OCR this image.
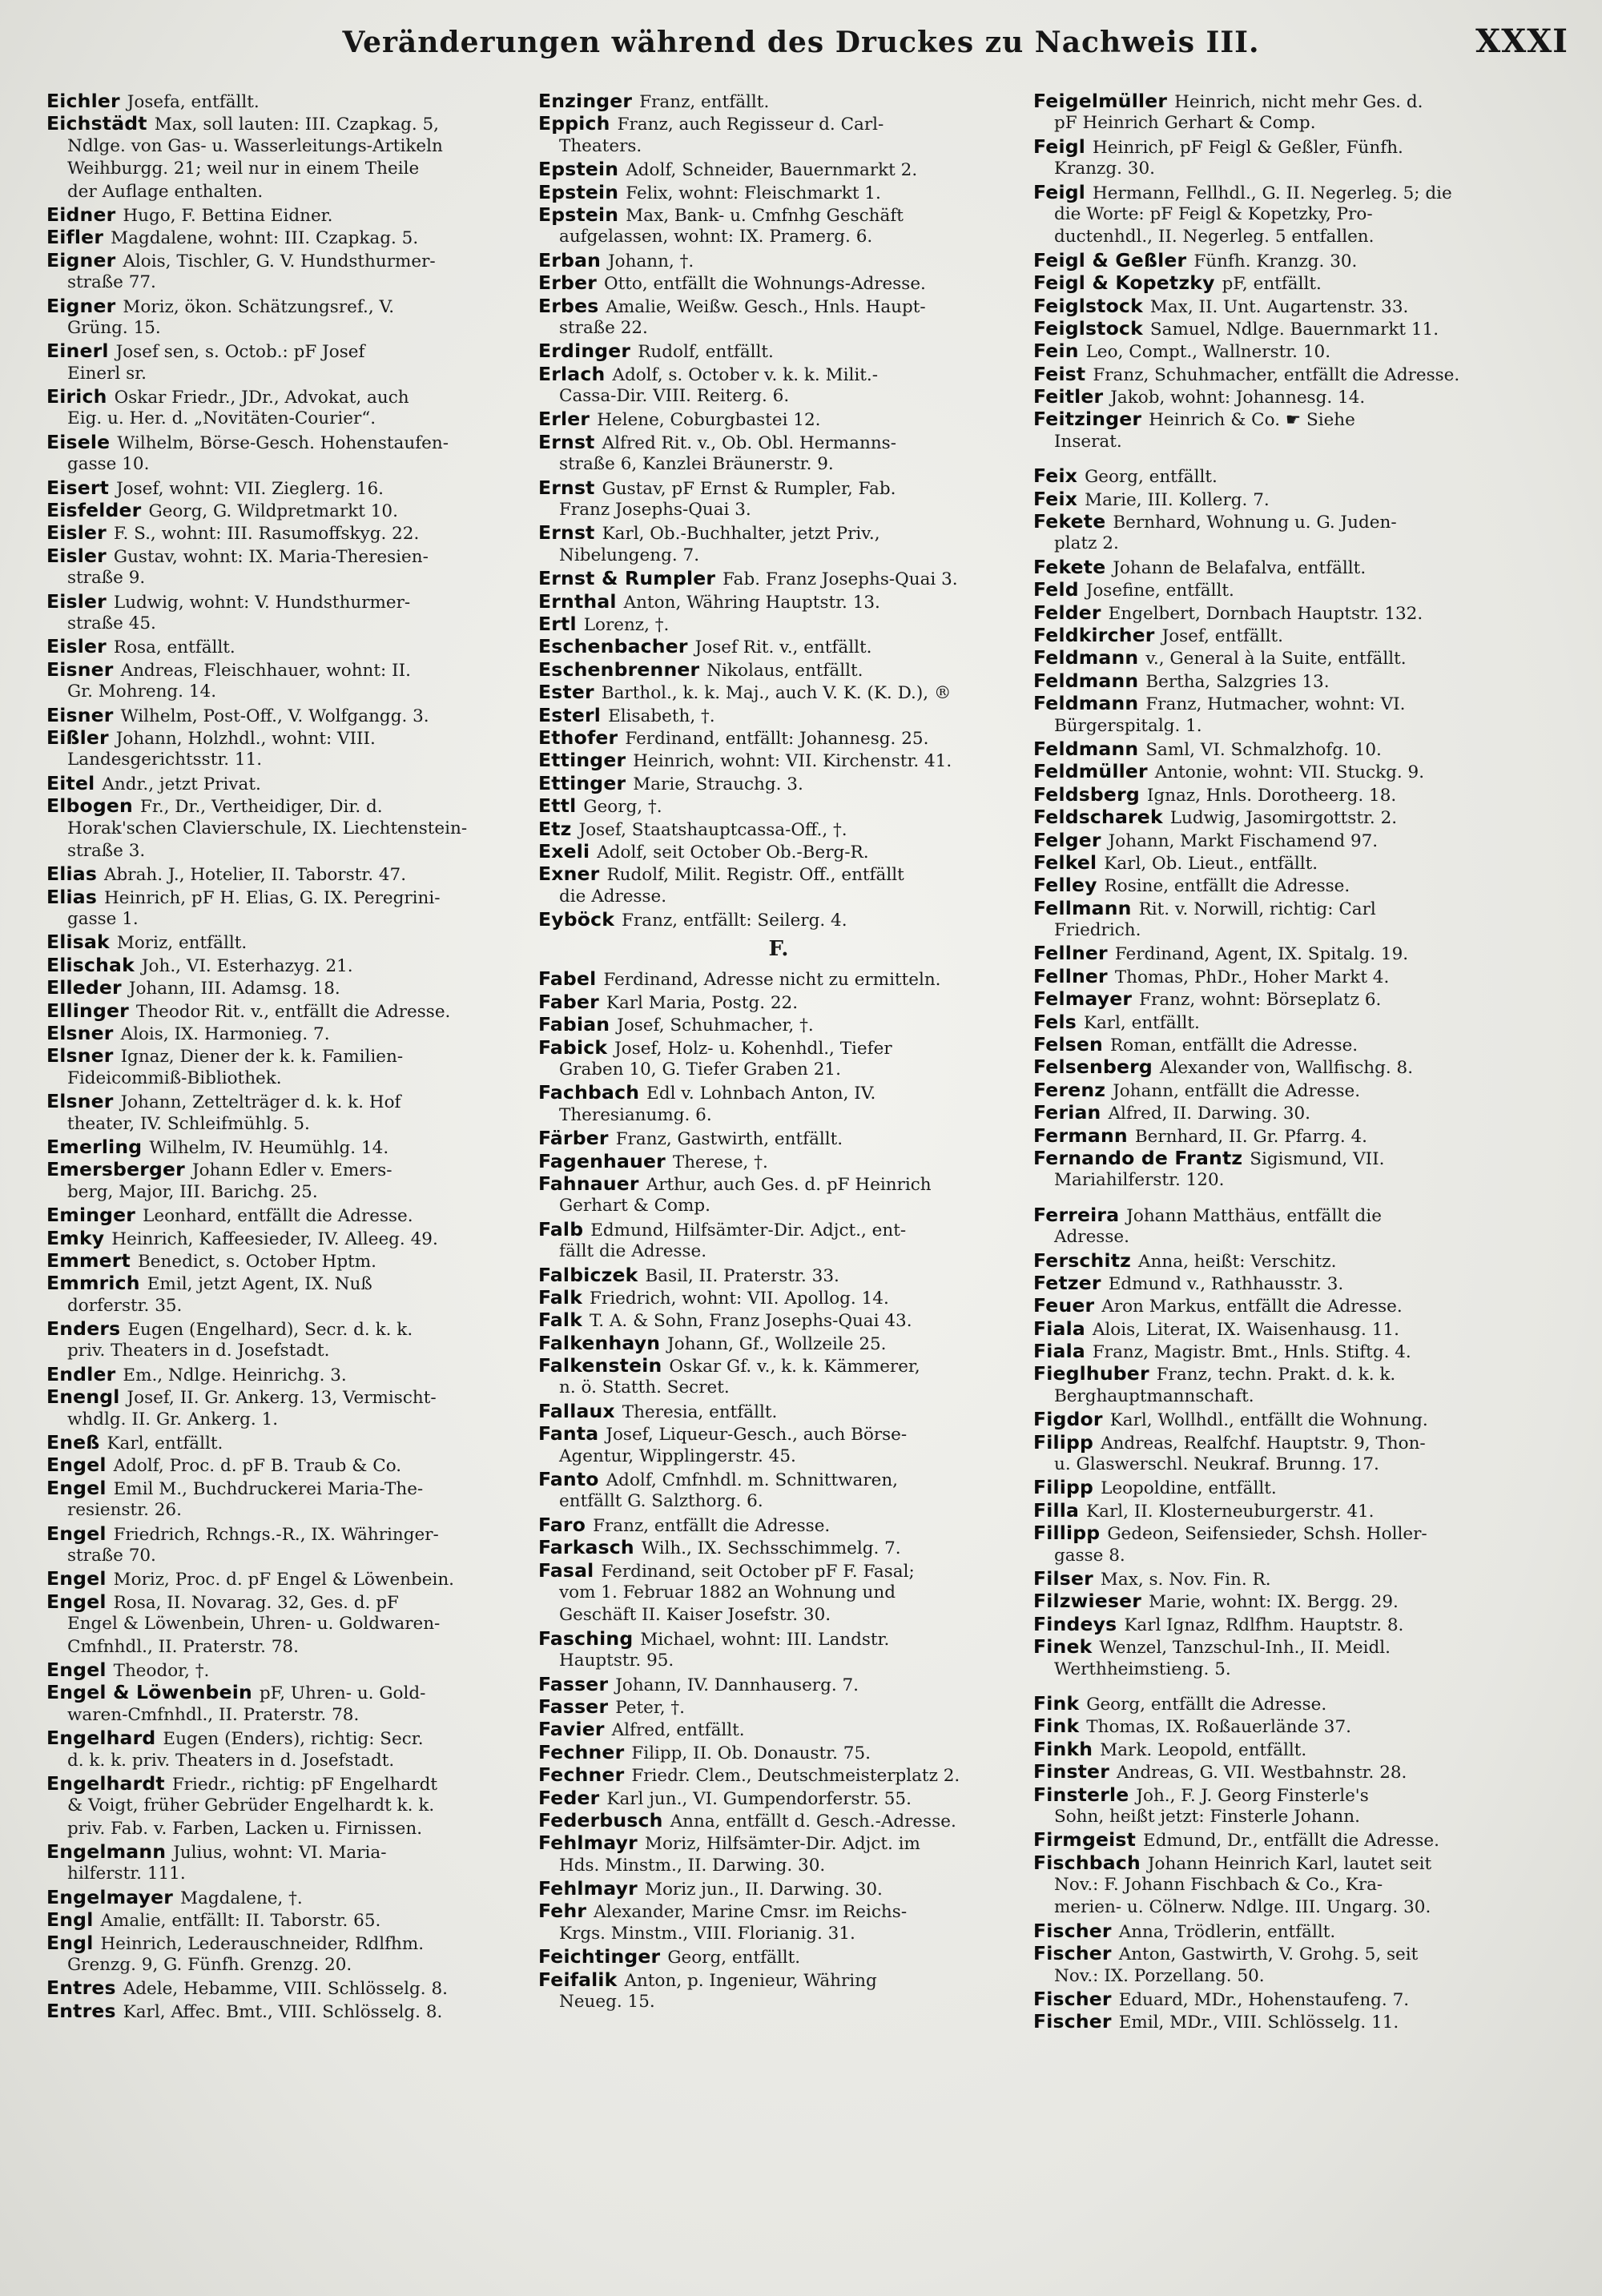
Veränderungen während des Druckes zu Nachweis III.	XXXI
Eichler Josefa, entfällt.
Eichstädt Max, soll lauten: III. Czapkag. 5,
Ndlge. von Gas- u. Wasserleitungs-Artikeln
Weihburgg. 21; weil nur in einem Theile
der Auflage enthalten.
Eidner Hugo, F. Bettina Eidner.
Eifler Magdalene, wohnt: III. Czapkag. 5.
Eigner Alois, Tischler, G. V. Hundsthurmer-
straße 77.
Eigner Moriz, ökon. Schätzungsref., V.
Grüng. 15.
Einerl Josef sen, s. Octob.: pF Josef
Einerl sr.
Eirich Oskar Friedr., JDr., Advokat, auch
Eig. u. Her. d. „Novitäten-Courier“.
Eisele Wilhelm, Börse-Gesch. Hohenstaufen-
gasse 10.
Eisert Josef, wohnt: VII. Zieglerg. 16.
Eisfelder Georg, G. Wildpretmarkt 10.
Eisler F. S., wohnt: III. Rasumoffskyg. 22.
Eisler Gustav, wohnt: IX. Maria-Theresien-
straße 9.
Eisler Ludwig, wohnt: V. Hundsthurmer-
straße 45.
Eisler Rosa, entfällt.
Eisner Andreas, Fleischhauer, wohnt: II.
Gr. Mohreng. 14.
Eisner Wilhelm, Post-Off., V. Wolfgangg. 3.
Eißler Johann, Holzhdl., wohnt: VIII.
Landesgerichtsstr. 11.
Eitel Andr., jetzt Privat.
Elbogen Fr., Dr., Vertheidiger, Dir. d.
Horak'schen Clavierschule, IX. Liechtenstein-
straße 3.
Elias Abrah. J., Hotelier, II. Taborstr. 47.
Elias Heinrich, pF H. Elias, G. IX. Peregrini-
gasse 1.
Elisak Moriz, entfällt.
Elischak Joh., VI. Esterhazyg. 21.
Elleder Johann, III. Adamsg. 18.
Ellinger Theodor Rit. v., entfällt die Adresse.
Elsner Alois, IX. Harmonieg. 7.
Elsner Ignaz, Diener der k. k. Familien-
Fideicommiß-Bibliothek.
Elsner Johann, Zettelträger d. k. k. Hof
theater, IV. Schleifmühlg. 5.
Emerling Wilhelm, IV. Heumühlg. 14.
Emersberger Johann Edler v. Emers-
berg, Major, III. Barichg. 25.
Eminger Leonhard, entfällt die Adresse.
Emky Heinrich, Kaffeesieder, IV. Alleeg. 49.
Emmert Benedict, s. October Hptm.
Emmrich Emil, jetzt Agent, IX. Nuß
dorferstr. 35.
Enders Eugen (Engelhard), Secr. d. k. k.
priv. Theaters in d. Josefstadt.
Endler Em., Ndlge. Heinrichg. 3.
Enengl Josef, II. Gr. Ankerg. 13, Vermischt-
whdlg. II. Gr. Ankerg. 1.
Eneß Karl, entfällt.
Engel Adolf, Proc. d. pF B. Traub & Co.
Engel Emil M., Buchdruckerei Maria-The-
resienstr. 26.
Engel Friedrich, Rchngs.-R., IX. Währinger-
straße 70.
Engel Moriz, Proc. d. pF Engel & Löwenbein.
Engel Rosa, II. Novarag. 32, Ges. d. pF
Engel & Löwenbein, Uhren- u. Goldwaren-
Cmfnhdl., II. Praterstr. 78.
Engel Theodor, †.
Engel & Löwenbein pF, Uhren- u. Gold-
waren-Cmfnhdl., II. Praterstr. 78.
Engelhard Eugen (Enders), richtig: Secr.
d. k. k. priv. Theaters in d. Josefstadt.
Engelhardt Friedr., richtig: pF Engelhardt
& Voigt, früher Gebrüder Engelhardt k. k.
priv. Fab. v. Farben, Lacken u. Firnissen.
Engelmann Julius, wohnt: VI. Maria-
hilferstr. 111.
Engelmayer Magdalene, †.
Engl Amalie, entfällt: II. Taborstr. 65.
Engl Heinrich, Lederauschneider, Rdlfhm.
Grenzg. 9, G. Fünfh. Grenzg. 20.
Entres Adele, Hebamme, VIII. Schlösselg. 8.
Entres Karl, Affec. Bmt., VIII. Schlösselg. 8.
Enzinger Franz, entfällt.
Eppich Franz, auch Regisseur d. Carl-
Theaters.
Epstein Adolf, Schneider, Bauernmarkt 2.
Epstein Felix, wohnt: Fleischmarkt 1.
Epstein Max, Bank- u. Cmfnhg Geschäft
aufgelassen, wohnt: IX. Pramerg. 6.
Erban Johann, †.
Erber Otto, entfällt die Wohnungs-Adresse.
Erbes Amalie, Weißw. Gesch., Hnls. Haupt-
straße 22.
Erdinger Rudolf, entfällt.
Erlach Adolf, s. October v. k. k. Milit.-
Cassa-Dir. VIII. Reiterg. 6.
Erler Helene, Coburgbastei 12.
Ernst Alfred Rit. v., Ob. Obl. Hermanns-
straße 6, Kanzlei Bräunerstr. 9.
Ernst Gustav, pF Ernst & Rumpler, Fab.
Franz Josephs-Quai 3.
Ernst Karl, Ob.-Buchhalter, jetzt Priv.,
Nibelungeng. 7.
Ernst & Rumpler Fab. Franz Josephs-Quai 3.
Ernthal Anton, Währing Hauptstr. 13.
Ertl Lorenz, †.
Eschenbacher Josef Rit. v., entfällt.
Eschenbrenner Nikolaus, entfällt.
Ester Barthol., k. k. Maj., auch V. K. (K. D.), ®
Esterl Elisabeth, †.
Ethofer Ferdinand, entfällt: Johannesg. 25.
Ettinger Heinrich, wohnt: VII. Kirchenstr. 41.
Ettinger Marie, Strauchg. 3.
Ettl Georg, †.
Etz Josef, Staatshauptcassa-Off., †.
Exeli Adolf, seit October Ob.-Berg-R.
Exner Rudolf, Milit. Registr. Off., entfällt
die Adresse.
Eyböck Franz, entfällt: Seilerg. 4.
F.
Fabel Ferdinand, Adresse nicht zu ermitteln.
Faber Karl Maria, Postg. 22.
Fabian Josef, Schuhmacher, †.
Fabick Josef, Holz- u. Kohenhdl., Tiefer
Graben 10, G. Tiefer Graben 21.
Fachbach Edl v. Lohnbach Anton, IV.
Theresianumg. 6.
Färber Franz, Gastwirth, entfällt.
Fagenhauer Therese, †.
Fahnauer Arthur, auch Ges. d. pF Heinrich
Gerhart & Comp.
Falb Edmund, Hilfsämter-Dir. Adjct., ent-
fällt die Adresse.
Falbiczek Basil, II. Praterstr. 33.
Falk Friedrich, wohnt: VII. Apollog. 14.
Falk T. A. & Sohn, Franz Josephs-Quai 43.
Falkenhayn Johann, Gf., Wollzeile 25.
Falkenstein Oskar Gf. v., k. k. Kämmerer,
n. ö. Statth. Secret.
Fallaux Theresia, entfällt.
Fanta Josef, Liqueur-Gesch., auch Börse-
Agentur, Wipplingerstr. 45.
Fanto Adolf, Cmfnhdl. m. Schnittwaren,
entfällt G. Salzthorg. 6.
Faro Franz, entfällt die Adresse.
Farkasch Wilh., IX. Sechsschimmelg. 7.
Fasal Ferdinand, seit October pF F. Fasal;
vom 1. Februar 1882 an Wohnung und
Geschäft II. Kaiser Josefstr. 30.
Fasching Michael, wohnt: III. Landstr.
Hauptstr. 95.
Fasser Johann, IV. Dannhauserg. 7.
Fasser Peter, †.
Favier Alfred, entfällt.
Fechner Filipp, II. Ob. Donaustr. 75.
Fechner Friedr. Clem., Deutschmeisterplatz 2.
Feder Karl jun., VI. Gumpendorferstr. 55.
Federbusch Anna, entfällt d. Gesch.-Adresse.
Fehlmayr Moriz, Hilfsämter-Dir. Adjct. im
Hds. Minstm., II. Darwing. 30.
Fehlmayr Moriz jun., II. Darwing. 30.
Fehr Alexander, Marine Cmsr. im Reichs-
Krgs. Minstm., VIII. Florianig. 31.
Feichtinger Georg, entfällt.
Feifalik Anton, p. Ingenieur, Währing
Neueg. 15.
Feigelmüller Heinrich, nicht mehr Ges. d.
pF Heinrich Gerhart & Comp.
Feigl Heinrich, pF Feigl & Geßler, Fünfh.
Kranzg. 30.
Feigl Hermann, Fellhdl., G. II. Negerleg. 5; die
die Worte: pF Feigl & Kopetzky, Pro-
ductenhdl., II. Negerleg. 5 entfallen.
Feigl & Geßler Fünfh. Kranzg. 30.
Feigl & Kopetzky pF, entfällt.
Feiglstock Max, II. Unt. Augartenstr. 33.
Feiglstock Samuel, Ndlge. Bauernmarkt 11.
Fein Leo, Compt., Wallnerstr. 10.
Feist Franz, Schuhmacher, entfällt die Adresse.
Feitler Jakob, wohnt: Johannesg. 14.
Feitzinger Heinrich & Co. ☛ Siehe
Inserat.
Feix Georg, entfällt.
Feix Marie, III. Kollerg. 7.
Fekete Bernhard, Wohnung u. G. Juden-
platz 2.
Fekete Johann de Belafalva, entfällt.
Feld Josefine, entfällt.
Felder Engelbert, Dornbach Hauptstr. 132.
Feldkircher Josef, entfällt.
Feldmann v., General à la Suite, entfällt.
Feldmann Bertha, Salzgries 13.
Feldmann Franz, Hutmacher, wohnt: VI.
Bürgerspitalg. 1.
Feldmann Saml, VI. Schmalzhofg. 10.
Feldmüller Antonie, wohnt: VII. Stuckg. 9.
Feldsberg Ignaz, Hnls. Dorotheerg. 18.
Feldscharek Ludwig, Jasomirgottstr. 2.
Felger Johann, Markt Fischamend 97.
Felkel Karl, Ob. Lieut., entfällt.
Felley Rosine, entfällt die Adresse.
Fellmann Rit. v. Norwill, richtig: Carl
Friedrich.
Fellner Ferdinand, Agent, IX. Spitalg. 19.
Fellner Thomas, PhDr., Hoher Markt 4.
Felmayer Franz, wohnt: Börseplatz 6.
Fels Karl, entfällt.
Felsen Roman, entfällt die Adresse.
Felsenberg Alexander von, Wallfischg. 8.
Ferenz Johann, entfällt die Adresse.
Ferian Alfred, II. Darwing. 30.
Fermann Bernhard, II. Gr. Pfarrg. 4.
Fernando de Frantz Sigismund, VII.
Mariahilferstr. 120.
Ferreira Johann Matthäus, entfällt die
Adresse.
Ferschitz Anna, heißt: Verschitz.
Fetzer Edmund v., Rathhausstr. 3.
Feuer Aron Markus, entfällt die Adresse.
Fiala Alois, Literat, IX. Waisenhausg. 11.
Fiala Franz, Magistr. Bmt., Hnls. Stiftg. 4.
Fieglhuber Franz, techn. Prakt. d. k. k.
Berghauptmannschaft.
Figdor Karl, Wollhdl., entfällt die Wohnung.
Filipp Andreas, Realfchf. Hauptstr. 9, Thon-
u. Glaswerschl. Neukraf. Brunng. 17.
Filipp Leopoldine, entfällt.
Filla Karl, II. Klosterneuburgerstr. 41.
Fillipp Gedeon, Seifensieder, Schsh. Holler-
gasse 8.
Filser Max, s. Nov. Fin. R.
Filzwieser Marie, wohnt: IX. Bergg. 29.
Findeys Karl Ignaz, Rdlfhm. Hauptstr. 8.
Finek Wenzel, Tanzschul-Inh., II. Meidl.
Werthheimstieng. 5.
Fink Georg, entfällt die Adresse.
Fink Thomas, IX. Roßauerlände 37.
Finkh Mark. Leopold, entfällt.
Finster Andreas, G. VII. Westbahnstr. 28.
Finsterle Joh., F. J. Georg Finsterle's
Sohn, heißt jetzt: Finsterle Johann.
Firmgeist Edmund, Dr., entfällt die Adresse.
Fischbach Johann Heinrich Karl, lautet seit
Nov.: F. Johann Fischbach & Co., Kra-
merien- u. Cölnerw. Ndlge. III. Ungarg. 30.
Fischer Anna, Trödlerin, entfällt.
Fischer Anton, Gastwirth, V. Grohg. 5, seit
Nov.: IX. Porzellang. 50.
Fischer Eduard, MDr., Hohenstaufeng. 7.
Fischer Emil, MDr., VIII. Schlösselg. 11.
